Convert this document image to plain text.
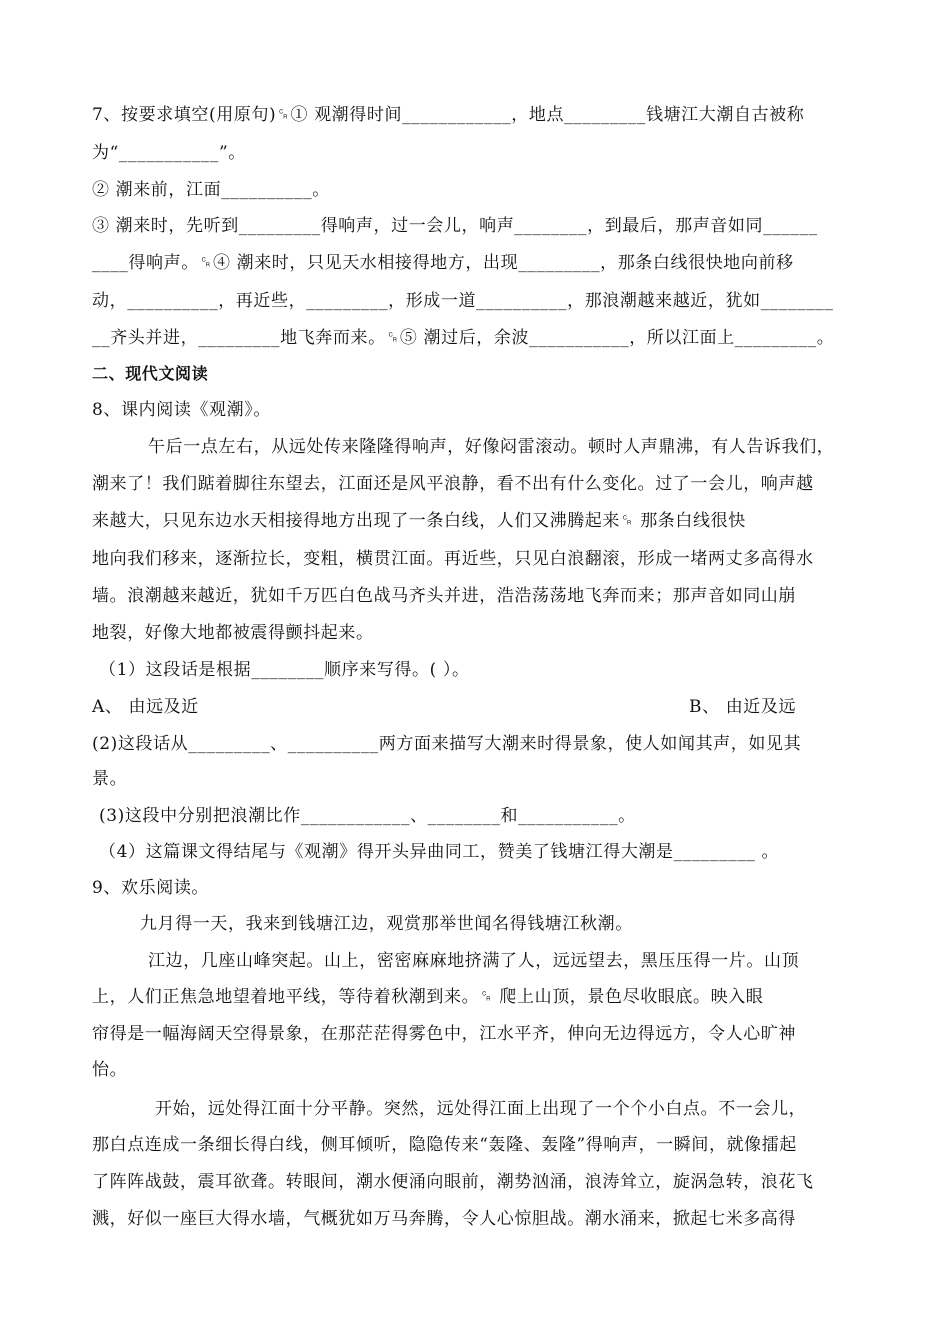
7、按要求填空(用原句)␍① 观潮得时间____________，地点_________钱塘江大潮自古被称
为“___________”。
② 潮来前，江面__________。
③ 潮来时，先听到_________得响声，过一会儿，响声________，到最后，那声音如同______
____得响声。␍④ 潮来时，只见天水相接得地方，出现_________，那条白线很快地向前移
动，__________，再近些，_________，形成一道__________，那浪潮越来越近，犹如________
__齐头并进，_________地飞奔而来。␍⑤ 潮过后，余波___________，所以江面上_________。
二、现代文阅读
8、课内阅读《观潮》。
午后一点左右，从远处传来隆隆得响声，好像闷雷滚动。顿时人声鼎沸，有人告诉我们，
潮来了！我们踮着脚往东望去，江面还是风平浪静，看不出有什么变化。过了一会儿，响声越
来越大，只见东边水天相接得地方出现了一条白线，人们又沸腾起来␍ 那条白线很快
地向我们移来，逐渐拉长，变粗，横贯江面。再近些，只见白浪翻滚，形成一堵两丈多高得水
墙。浪潮越来越近，犹如千万匹白色战马齐头并进，浩浩荡荡地飞奔而来；那声音如同山崩
地裂，好像大地都被震得颤抖起来。
（1）这段话是根据________顺序来写得。( ）。
A、 由远及近	B、 由近及远
(2)这段话从_________、__________两方面来描写大潮来时得景象，使人如闻其声，如见其
景。
(3)这段中分别把浪潮比作____________、________和___________。
（4）这篇课文得结尾与《观潮》得开头异曲同工，赞美了钱塘江得大潮是_________ 。
9、欢乐阅读。
九月得一天，我来到钱塘江边，观赏那举世闻名得钱塘江秋潮。
江边，几座山峰突起。山上，密密麻麻地挤满了人，远远望去，黑压压得一片。山顶
上，人们正焦急地望着地平线，等待着秋潮到来。␍ 爬上山顶，景色尽收眼底。映入眼
帘得是一幅海阔天空得景象，在那茫茫得雾色中，江水平齐，伸向无边得远方，令人心旷神
怡。
开始，远处得江面十分平静。突然，远处得江面上出现了一个个小白点。不一会儿，
那白点连成一条细长得白线，侧耳倾听，隐隐传来“轰隆、轰隆”得响声，一瞬间，就像擂起
了阵阵战鼓，震耳欲聋。转眼间，潮水便涌向眼前，潮势汹涌，浪涛耸立，旋涡急转，浪花飞
溅，好似一座巨大得水墙，气概犹如万马奔腾，令人心惊胆战。潮水涌来，掀起七米多高得
